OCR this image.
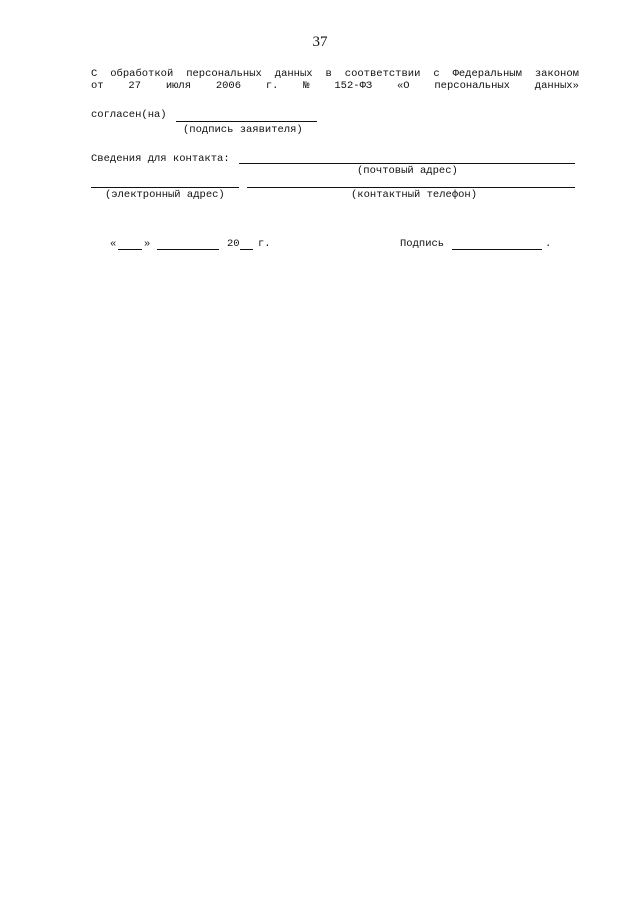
37
С обработкой персональных данных в соответствии с Федеральным законом
от 27 июля 2006 г. № 152-ФЗ «О персональных данных»
согласен(на)
(подпись заявителя)
Сведения для контакта:
(почтовый адрес)
(электронный адрес)	(контактный телефон)
«	»	20 г.	Подпись	.
